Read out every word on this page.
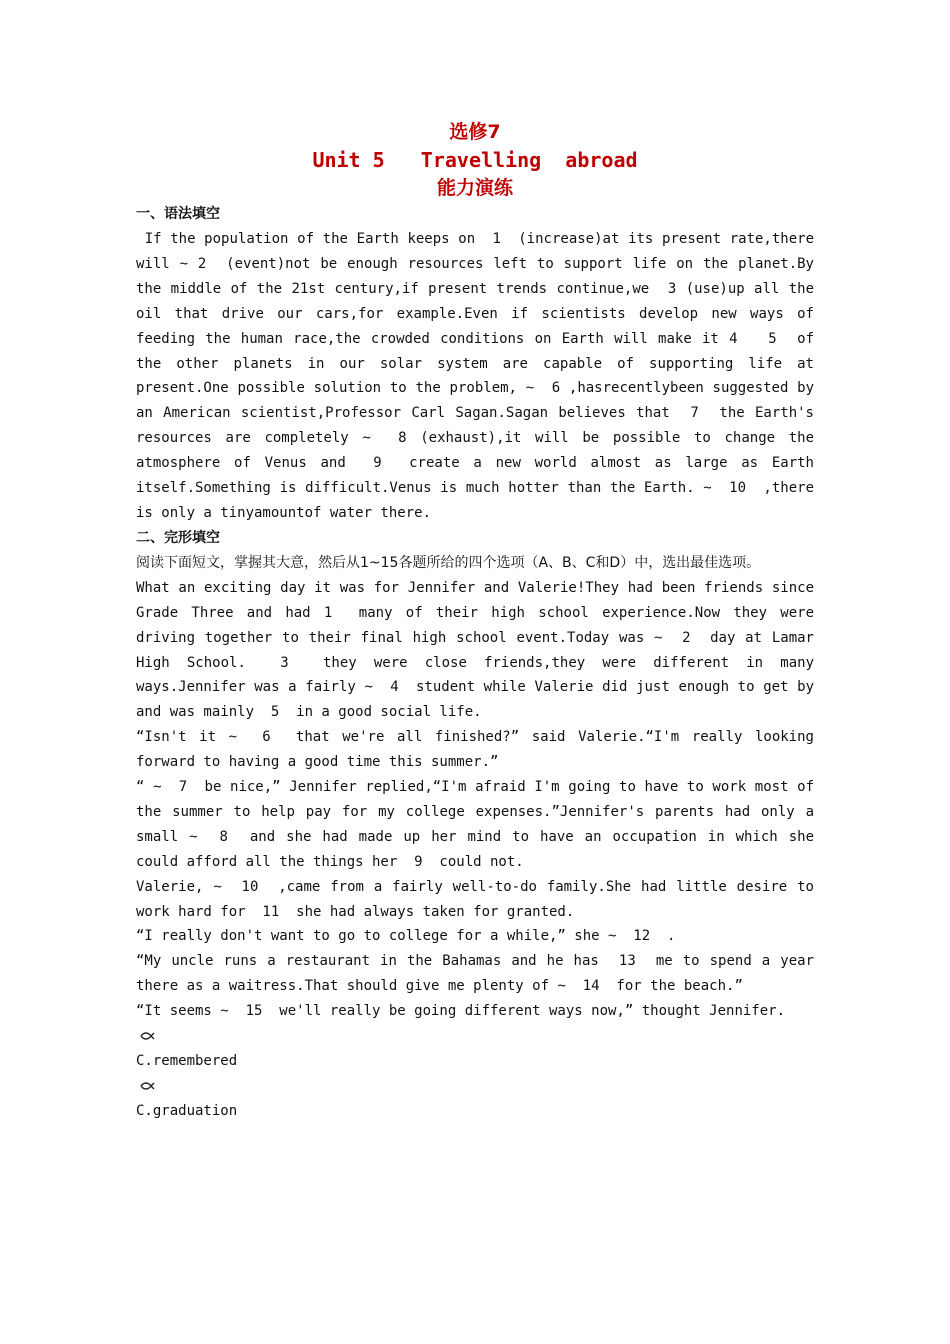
选修7
Unit 5   Travelling  abroad
能力演练
一、语法填空
If the population of the Earth keeps on  1  (increase)at its present rate,there will ~ 2  (event)not be enough resources left to support life on the planet.By the middle of the 21st century,if present trends continue,we  3 (use)up all the oil that drive our cars,for example.Even if scientists develop new ways of feeding the human race,the crowded conditions on Earth will make it 4   5  of the other planets in our solar system are capable of supporting life at present.One possible solution to the problem, ~  6 ,hasrecentlybeen suggested by an American scientist,Professor Carl Sagan.Sagan believes that  7  the Earth's resources are completely ~  8 (exhaust),it will be possible to change the atmosphere of Venus and  9  create a new world almost as large as Earth itself.Something is difficult.Venus is much hotter than the Earth. ~  10  ,there is only a tinyamountof water there.
二、完形填空
阅读下面短文，掌握其大意，然后从1~15各题所给的四个选项（A、B、C和D）中，选出最佳选项。
What an exciting day it was for Jennifer and Valerie!They had been friends since Grade Three and had 1  many of their high school experience.Now they were driving together to their final high school event.Today was ~  2  day at Lamar High School.  3  they were close friends,they were different in many ways.Jennifer was a fairly ~  4  student while Valerie did just enough to get by and was mainly  5  in a good social life.
“Isn't it ~  6  that we're all finished?” said Valerie.“I'm really looking forward to having a good time this summer.”
“ ~  7  be nice,” Jennifer replied,“I'm afraid I'm going to have to work most of the summer to help pay for my college expenses.”Jennifer's parents had only a small ~  8  and she had made up her mind to have an occupation in which she could afford all the things her  9  could not.
Valerie, ~  10  ,came from a fairly well-to-do family.She had little desire to work hard for  11  she had always taken for granted.
“I really don't want to go to college for a while,” she ~  12  .
“My uncle runs a restaurant in the Bahamas and he has  13  me to spend a year there as a waitress.That should give me plenty of ~  14  for the beach.”
“It seems ~  15  we'll really be going different ways now,” thought Jennifer.
C.remembered
C.graduation
